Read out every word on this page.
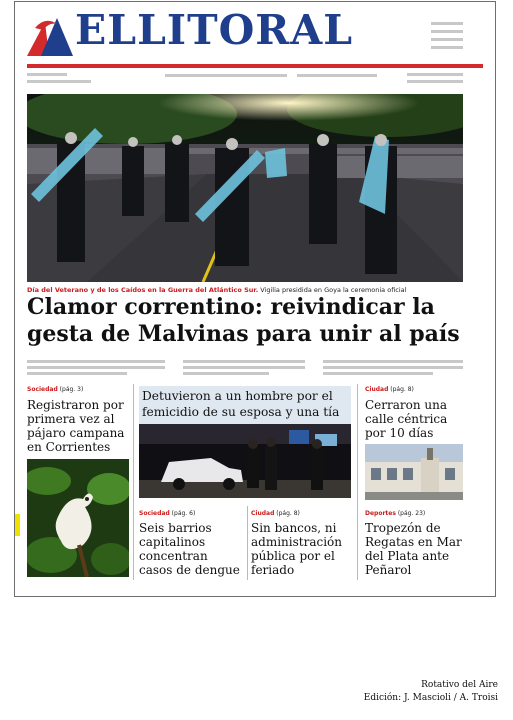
ELLITORAL
Día del Veterano y de los Caídos en la Guerra del Atlántico Sur. Vigilia presidida en Goya la ceremonia oficial
Clamor correntino: reivindicar la gesta de Malvinas para unir al país
Sociedad (pág. 3)
Registraron por primera vez al pájaro campana en Corrientes
Detuvieron a un hombre por el femicidio de su esposa y una tía
Sociedad (pág. 6)
Seis barrios capitalinos concentran casos de dengue
Ciudad (pág. 8)
Sin bancos, ni administración pública por el feriado
Ciudad (pág. 8)
Cerraron una calle céntrica por 10 días
Deportes (pág. 23)
Tropezón de Regatas en Mar del Plata ante Peñarol
Rotativo del Aire
Edición: J. Mascioli / A. Troisi
